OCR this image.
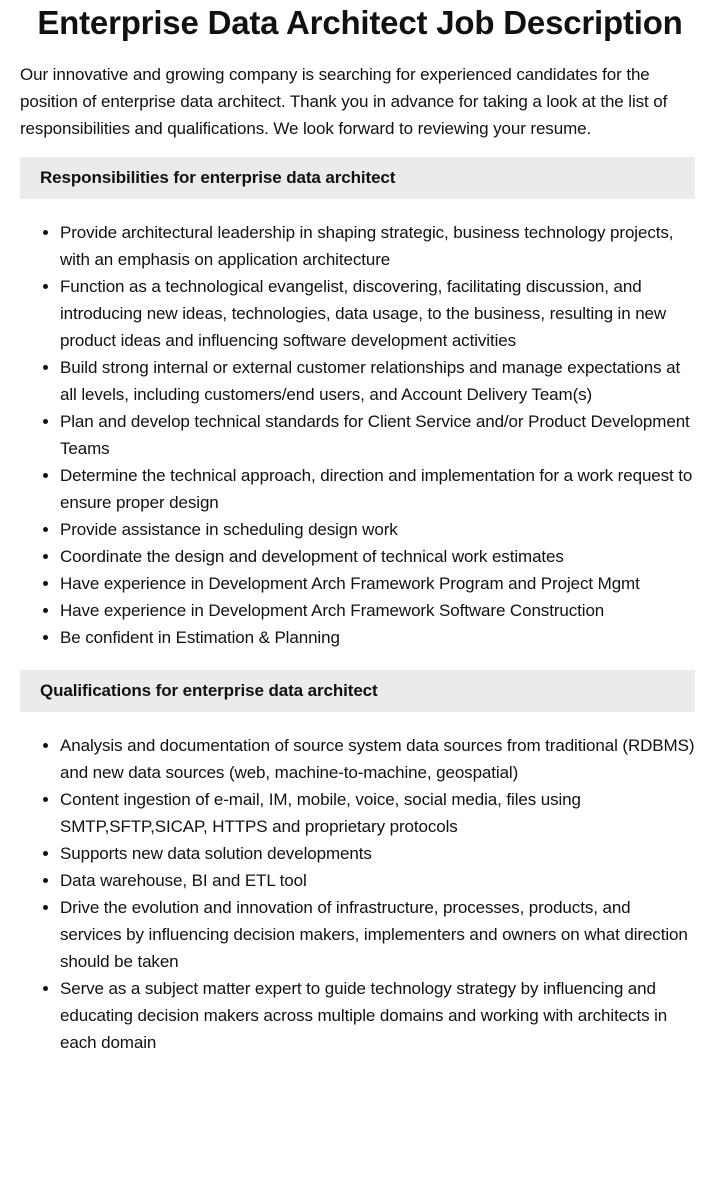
Enterprise Data Architect Job Description

Our innovative and growing company is searching for experienced candidates for the position of enterprise data architect. Thank you in advance for taking a look at the list of responsibilities and qualifications. We look forward to reviewing your resume.

Responsibilities for enterprise data architect
• Provide architectural leadership in shaping strategic, business technology projects, with an emphasis on application architecture
• Function as a technological evangelist, discovering, facilitating discussion, and introducing new ideas, technologies, data usage, to the business, resulting in new product ideas and influencing software development activities
• Build strong internal or external customer relationships and manage expectations at all levels, including customers/end users, and Account Delivery Team(s)
• Plan and develop technical standards for Client Service and/or Product Development Teams
• Determine the technical approach, direction and implementation for a work request to ensure proper design
• Provide assistance in scheduling design work
• Coordinate the design and development of technical work estimates
• Have experience in Development Arch Framework Program and Project Mgmt
• Have experience in Development Arch Framework Software Construction
• Be confident in Estimation & Planning
Qualifications for enterprise data architect
• Analysis and documentation of source system data sources from traditional (RDBMS) and new data sources (web, machine-to-machine, geospatial)
• Content ingestion of e-mail, IM, mobile, voice, social media, files using SMTP,SFTP,SICAP, HTTPS and proprietary protocols
• Supports new data solution developments
• Data warehouse, BI and ETL tool
• Drive the evolution and innovation of infrastructure, processes, products, and services by influencing decision makers, implementers and owners on what direction should be taken
• Serve as a subject matter expert to guide technology strategy by influencing and educating decision makers across multiple domains and working with architects in each domain
